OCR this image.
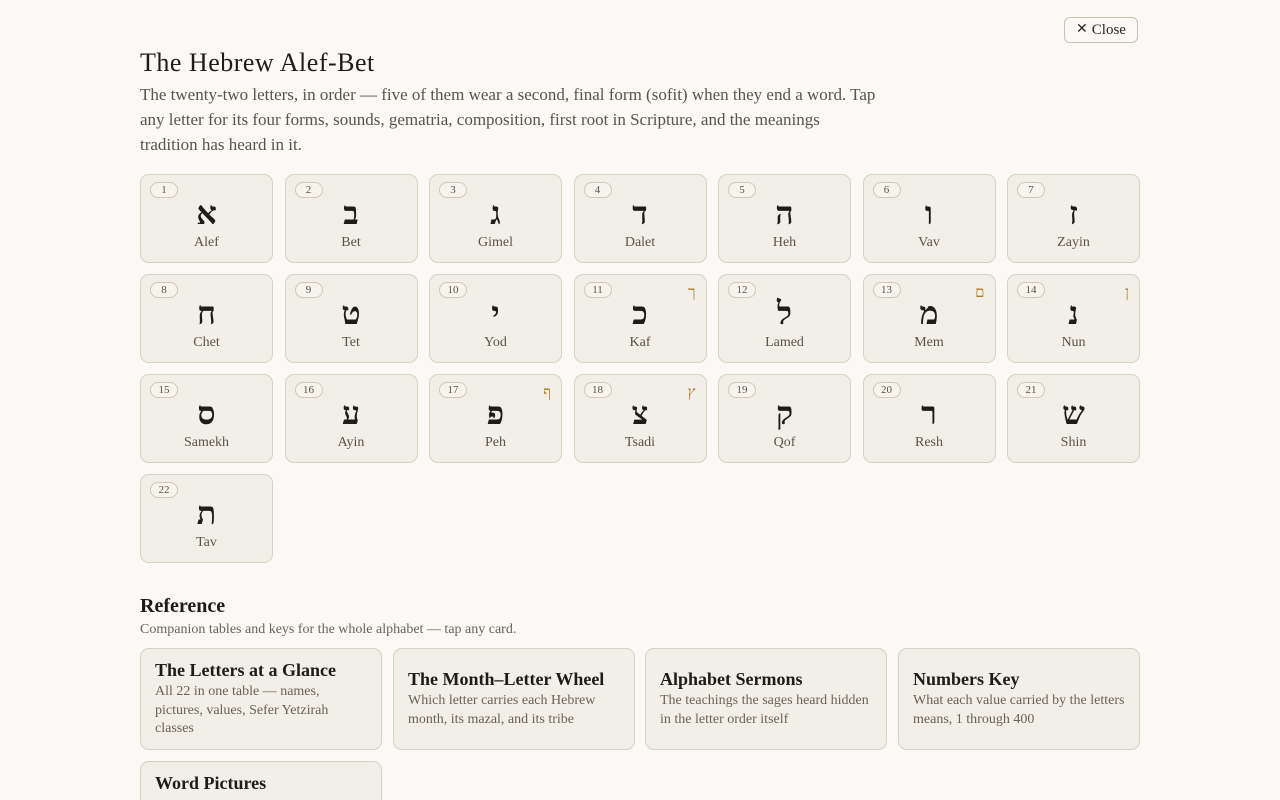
✕ Close
The Hebrew Alef-Bet

The twenty-two letters, in order — five of them wear a second, final form (sofit) when they end a word. Tap any letter for its four forms, sounds, gematria, composition, first root in Scripture, and the meanings tradition has heard in it.

1
א
Alef
2
ב
Bet
3
ג
Gimel
4
ד
Dalet
5
ה
Heh
6
ו
Vav
7
ז
Zayin
8
ח
Chet
9
ט
Tet
10
י
Yod
11
כ
Kaf
ך	12
ל
Lamed
13
מ
Mem
ם	14
נ
Nun
ן
15
ס
Samekh
16
ע
Ayin
17
פ
Peh
ף	18
צ
Tsadi
ץ	19
ק
Qof
20
ר
Resh
21
ש
Shin
22
ת
Tav
Reference

Companion tables and keys for the whole alphabet — tap any card.

The Letters at a Glance
All 22 in one table — names, pictures, values, Sefer Yetzirah classes
The Month–Letter Wheel
Which letter carries each Hebrew month, its mazal, and its tribe
Alphabet Sermons
The teachings the sages heard hidden in the letter order itself
Numbers Key
What each value carried by the letters means, 1 through 400
Word Pictures
